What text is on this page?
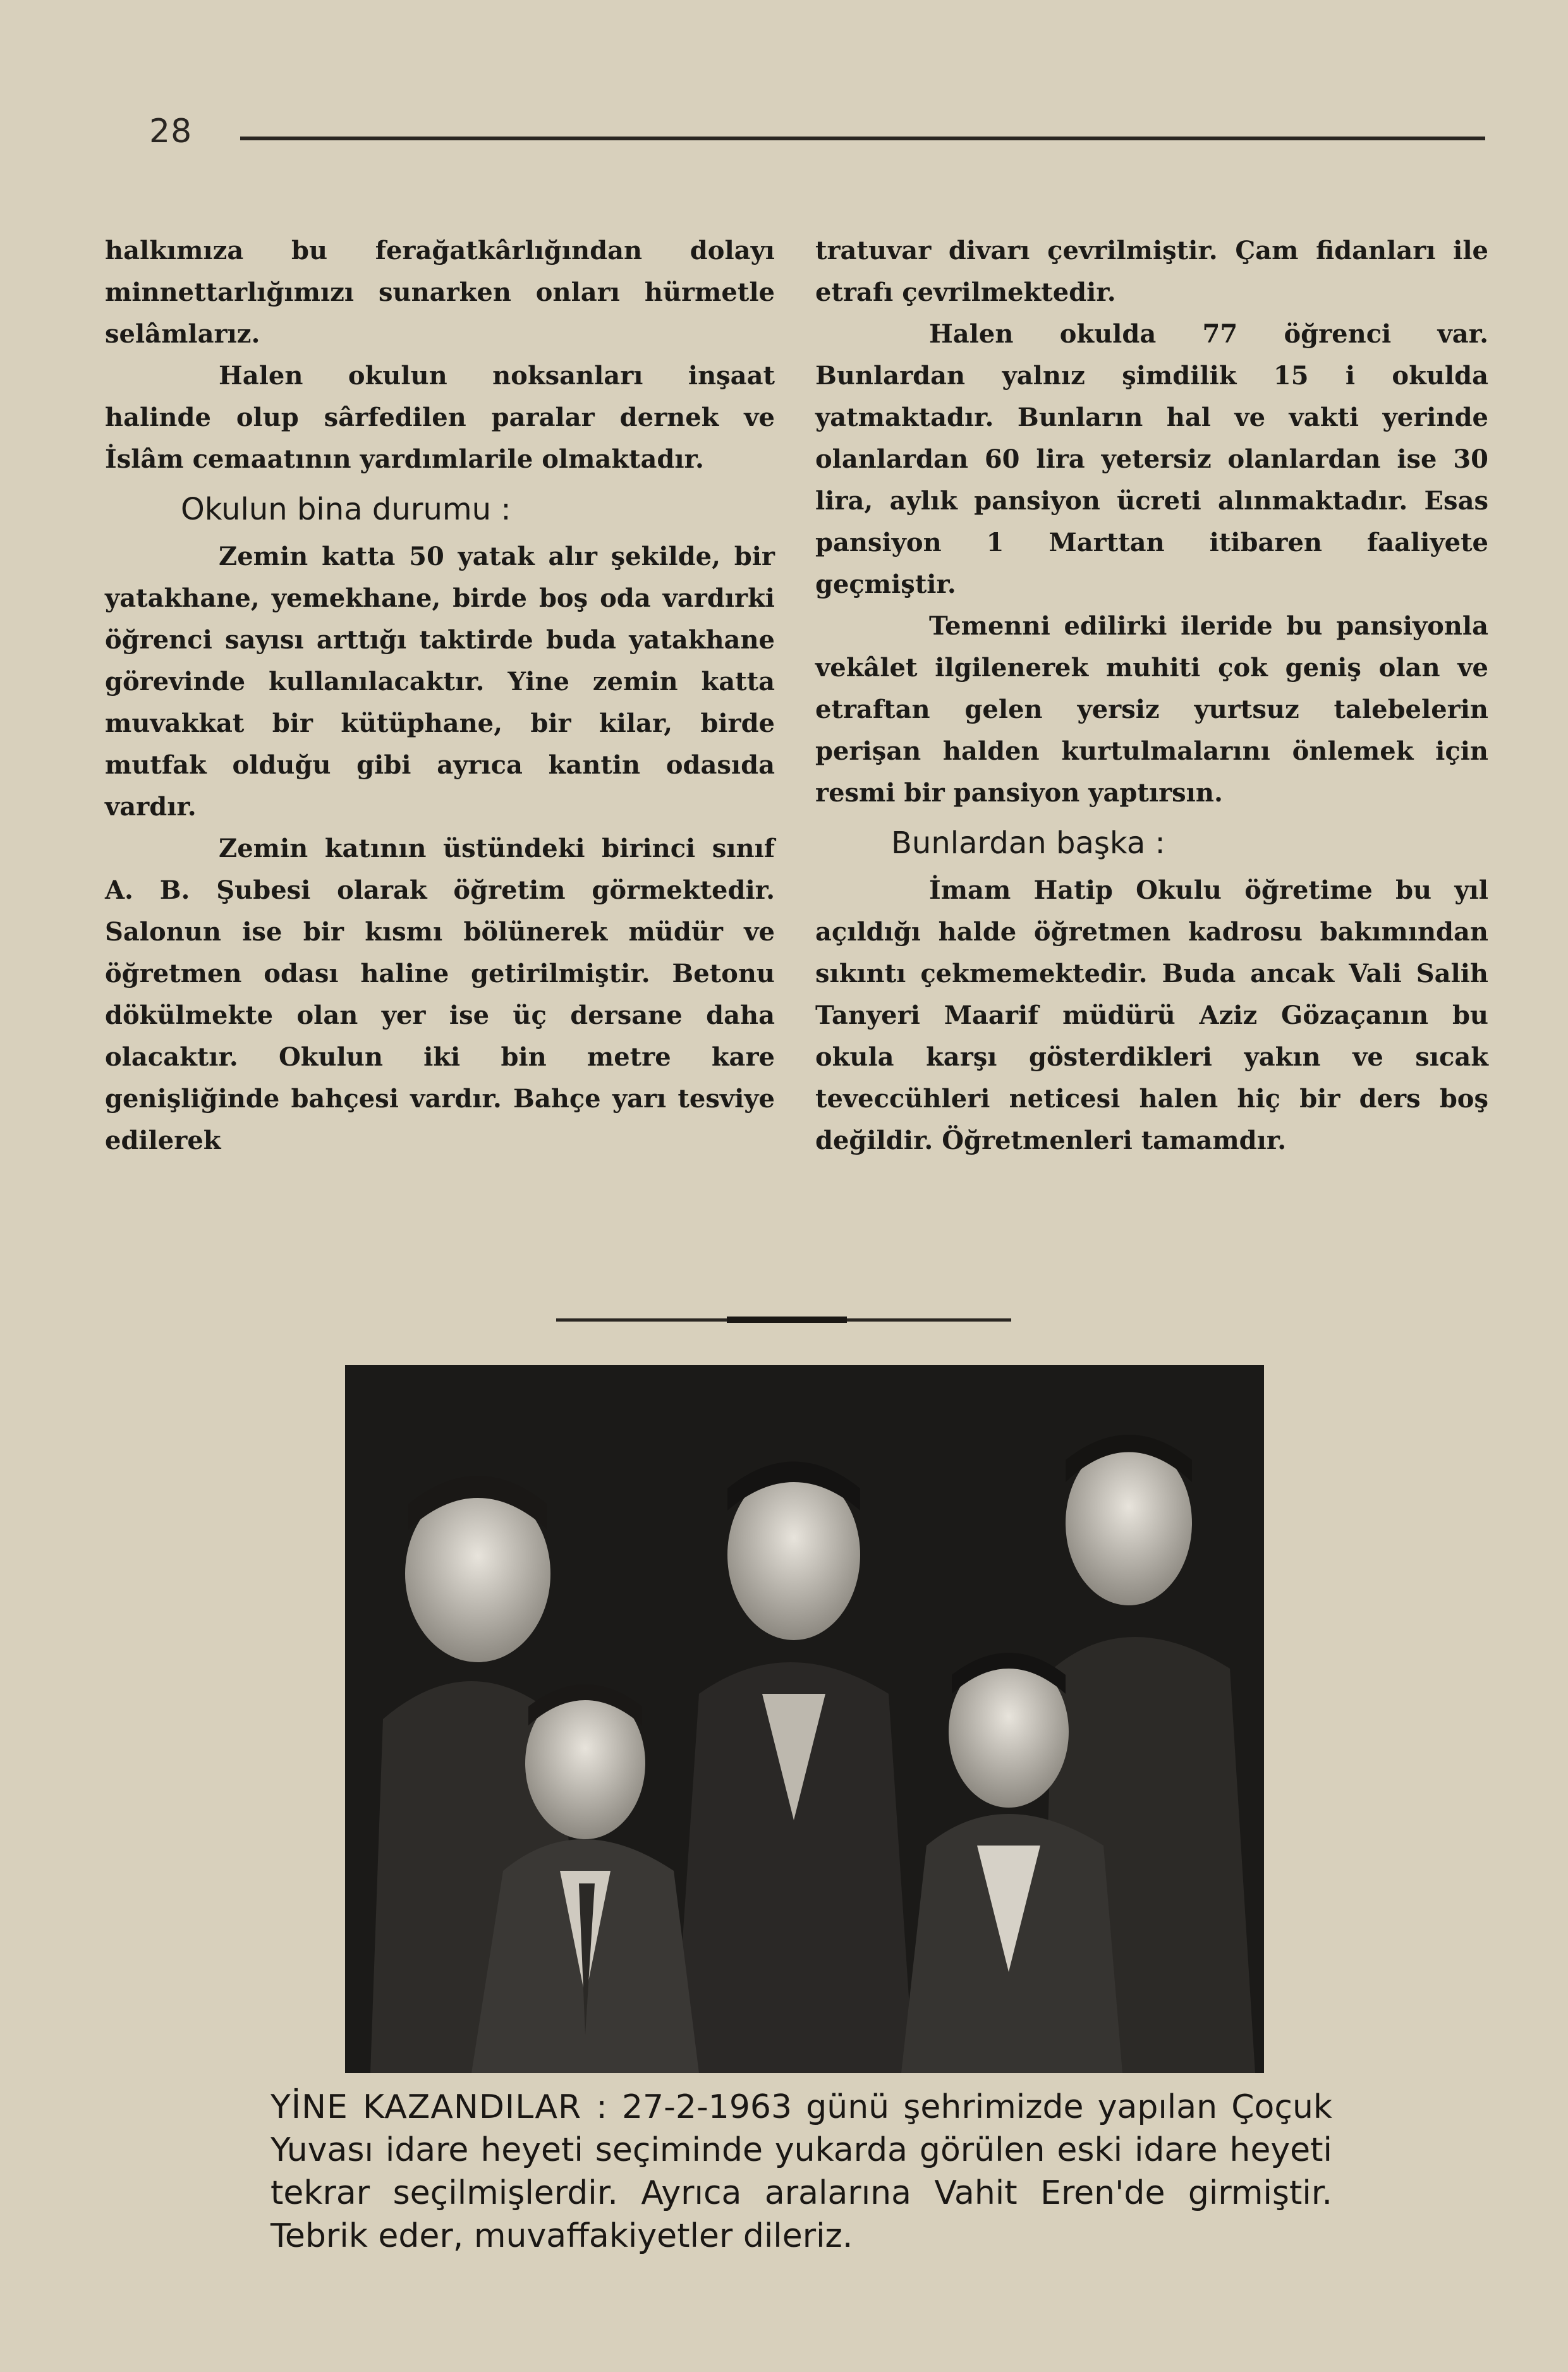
28

halkımıza bu ferağatkârlığından dolayı minnettarlığımızı sunarken onları hürmetle selâmlarız.

Halen okulun noksanları inşaat halinde olup sârfedilen paralar dernek ve İslâm cemaatının yardımlarile olmaktadır.

Okulun bina durumu :

Zemin katta 50 yatak alır şekilde, bir yatakhane, yemekhane, birde boş oda vardırki öğrenci sayısı arttığı taktirde buda yatakhane görevinde kullanılacaktır. Yine zemin katta muvakkat bir kütüphane, bir kilar, birde mutfak olduğu gibi ayrıca kantin odasıda vardır.

Zemin katının üstündeki birinci sınıf A. B. Şubesi olarak öğretim görmektedir. Salonun ise bir kısmı bölünerek müdür ve öğretmen odası haline getirilmiştir. Betonu dökülmekte olan yer ise üç dersane daha olacaktır. Okulun iki bin metre kare genişliğinde bahçesi vardır. Bahçe yarı tesviye edilerek

tratuvar divarı çevrilmiştir. Çam fidanları ile etrafı çevrilmektedir.

Halen okulda 77 öğrenci var. Bunlardan yalnız şimdilik 15 i okulda yatmaktadır. Bunların hal ve vakti yerinde olanlardan 60 lira yetersiz olanlardan ise 30 lira, aylık pansiyon ücreti alınmaktadır. Esas pansiyon 1 Marttan itibaren faaliyete geçmiştir.

Temenni edilirki ileride bu pansiyonla vekâlet ilgilenerek muhiti çok geniş olan ve etraftan gelen yersiz yurtsuz talebelerin perişan halden kurtulmalarını önlemek için resmi bir pansiyon yaptırsın.

Bunlardan başka :

İmam Hatip Okulu öğretime bu yıl açıldığı halde öğretmen kadrosu bakımından sıkıntı çekmemektedir. Buda ancak Vali Salih Tanyeri Maarif müdürü Aziz Gözaçanın bu okula karşı gösterdikleri yakın ve sıcak teveccühleri neticesi halen hiç bir ders boş değildir. Öğretmenleri tamamdır.

YİNE KAZANDILAR : 27-2-1963 günü şehrimizde yapılan Çoçuk Yuvası idare heyeti seçiminde yukarda görülen eski idare heyeti tekrar seçilmişlerdir. Ayrıca aralarına Vahit Eren'de girmiştir. Tebrik eder, muvaffakiyetler dileriz.
